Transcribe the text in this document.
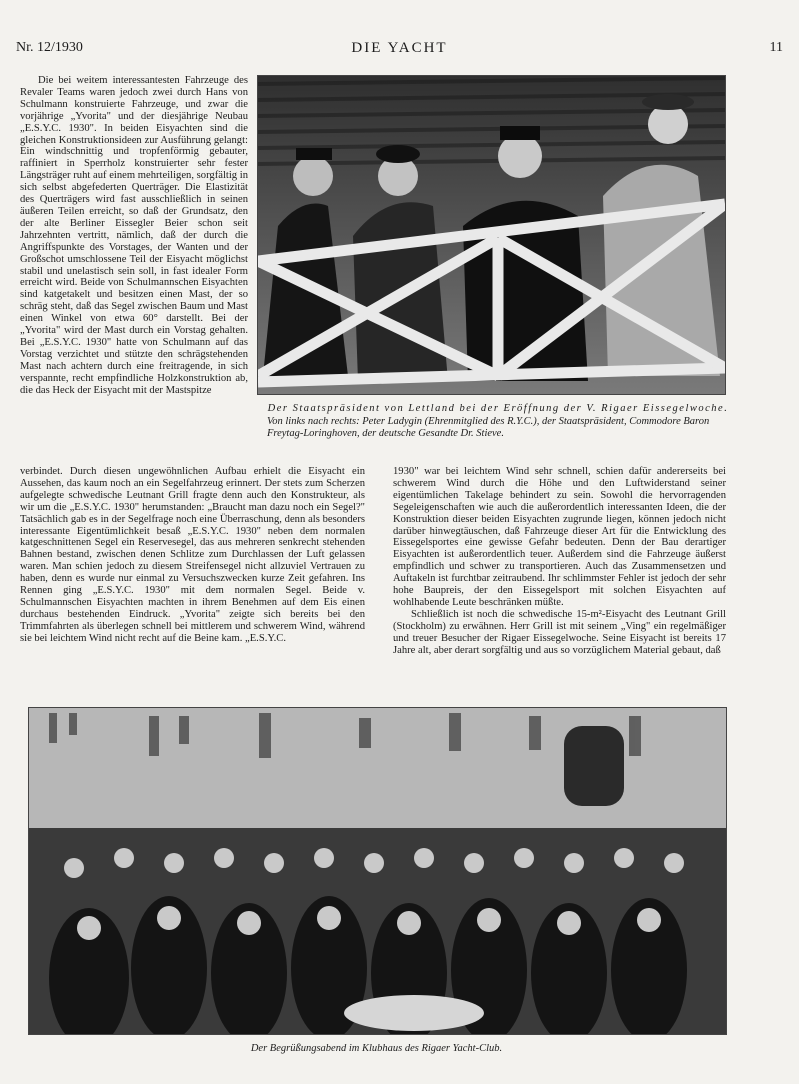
Nr. 12/1930	DIE YACHT	11

Die bei weitem interessantesten Fahrzeuge des Revaler Teams waren jedoch zwei durch Hans von Schulmann konstruierte Fahrzeuge, und zwar die vorjährige „Yvorita" und der diesjährige Neubau „E.S.Y.C. 1930". In beiden Eisyachten sind die gleichen Konstruktionsideen zur Ausführung gelangt: Ein windschnittig und tropfenförmig gebauter, raffiniert in Sperrholz konstruierter sehr fester Längsträger ruht auf einem mehrteiligen, sorgfältig in sich selbst abgefederten Querträger. Die Elastizität des Querträgers wird fast ausschließlich in seinen äußeren Teilen erreicht, so daß der Grundsatz, den der alte Berliner Eissegler Beier schon seit Jahrzehnten vertritt, nämlich, daß der durch die Angriffspunkte des Vorstages, der Wanten und der Großschot umschlossene Teil der Eisyacht möglichst stabil und unelastisch sein soll, in fast idealer Form erreicht wird. Beide von Schulmannschen Eisyachten sind katgetakelt und besitzen einen Mast, der so schräg steht, daß das Segel zwischen Baum und Mast einen Winkel von etwa 60° darstellt. Bei der „Yvorita" wird der Mast durch ein Vorstag gehalten. Bei „E.S.Y.C. 1930" hatte von Schulmann auf das Vorstag verzichtet und stützte den schrägstehenden Mast nach achtern durch eine freitragende, in sich verspannte, recht empfindliche Holzkonstruktion ab, die das Heck der Eisyacht mit der Mastspitze

Der Staatspräsident von Lettland bei der Eröffnung der V. Rigaer Eissegelwoche.
Von links nach rechts: Peter Ladygin (Ehrenmitglied des R.Y.C.), der Staatspräsident, Commodore Baron Freytag-Loringhoven, der deutsche Gesandte Dr. Stieve.

verbindet. Durch diesen ungewöhnlichen Aufbau erhielt die Eisyacht ein Aussehen, das kaum noch an ein Segelfahrzeug erinnert. Der stets zum Scherzen aufgelegte schwedische Leutnant Grill fragte denn auch den Konstrukteur, als wir um die „E.S.Y.C. 1930" herumstanden: „Braucht man dazu noch ein Segel?" Tatsächlich gab es in der Segelfrage noch eine Überraschung, denn als besonders interessante Eigentümlichkeit besaß „E.S.Y.C. 1930" neben dem normalen katgeschnittenen Segel ein Reservesegel, das aus mehreren senkrecht stehenden Bahnen bestand, zwischen denen Schlitze zum Durchlassen der Luft gelassen waren. Man schien jedoch zu diesem Streifensegel nicht allzuviel Vertrauen zu haben, denn es wurde nur einmal zu Versuchszwecken kurze Zeit gefahren. Ins Rennen ging „E.S.Y.C. 1930" mit dem normalen Segel. Beide v. Schulmannschen Eisyachten machten in ihrem Benehmen auf dem Eis einen durchaus bestehenden Eindruck. „Yvorita" zeigte sich bereits bei den Trimmfahrten als überlegen schnell bei mittlerem und schwerem Wind, während sie bei leichtem Wind nicht recht auf die Beine kam. „E.S.Y.C.

1930" war bei leichtem Wind sehr schnell, schien dafür andererseits bei schwerem Wind durch die Höhe und den Luftwiderstand seiner eigentümlichen Takelage behindert zu sein. Sowohl die hervorragenden Segeleigenschaften wie auch die außerordentlich interessanten Ideen, die der Konstruktion dieser beiden Eisyachten zugrunde liegen, können jedoch nicht darüber hinwegtäuschen, daß Fahrzeuge dieser Art für die Entwicklung des Eissegelsportes eine gewisse Gefahr bedeuten. Denn der Bau derartiger Eisyachten ist außerordentlich teuer. Außerdem sind die Fahrzeuge äußerst empfindlich und schwer zu transportieren. Auch das Zusammensetzen und Auftakeln ist furchtbar zeitraubend. Ihr schlimmster Fehler ist jedoch der sehr hohe Baupreis, der den Eissegelsport mit solchen Eisyachten auf wohlhabende Leute beschränken müßte.

Schließlich ist noch die schwedische 15-m²-Eisyacht des Leutnant Grill (Stockholm) zu erwähnen. Herr Grill ist mit seinem „Ving" ein regelmäßiger und treuer Besucher der Rigaer Eissegelwoche. Seine Eisyacht ist bereits 17 Jahre alt, aber derart sorgfältig und aus so vorzüglichem Material gebaut, daß

Der Begrüßungsabend im Klubhaus des Rigaer Yacht-Club.
